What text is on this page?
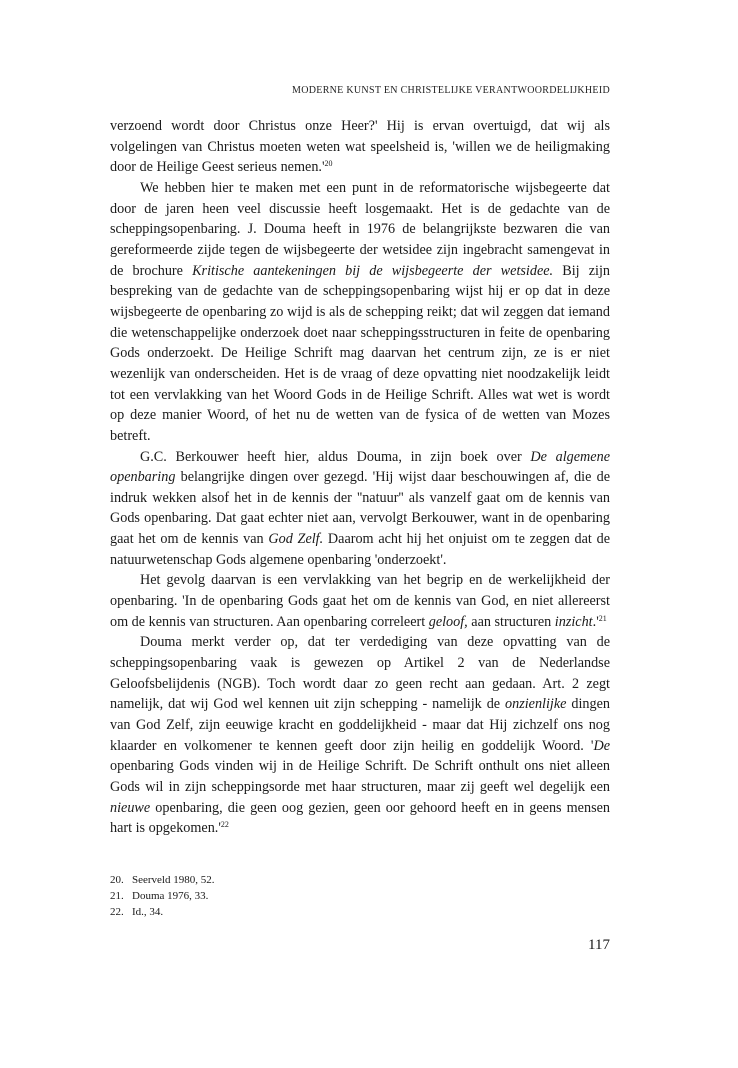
MODERNE KUNST EN CHRISTELIJKE VERANTWOORDELIJKHEID

verzoend wordt door Christus onze Heer?' Hij is ervan overtuigd, dat wij als volgelingen van Christus moeten weten wat speelsheid is, 'willen we de heiligmaking door de Heilige Geest serieus $nemen.'^{20}$

We hebben hier te maken met een punt in de reformatorische wijsbegeerte dat door de jaren heen veel discussie heeft losgemaakt. Het is de gedachte van de scheppingsopenbaring. J. Douma heeft in 1976 de belangrijkste bezwaren die van gereformeerde zijde tegen de wijsbegeerte der wetsidee zijn ingebracht samengevat in de brochure Kritische aantekeningen bij de wijsbegeerte der wetsidee. Bij zijn bespreking van de gedachte van de scheppingsopenbaring wijst hij er op dat in deze wijsbegeerte de openbaring zo wijd is als de schepping reikt; dat wil zeggen dat iemand die wetenschappelijke onderzoek doet naar scheppingsstructuren in feite de openbaring Gods onderzoekt. De Heilige Schrift mag daarvan het centrum zijn, ze is er niet wezenlijk van onderscheiden. Het is de vraag of deze opvatting niet noodzakelijk leidt tot een vervlakking van het Woord Gods in de Heilige Schrift. Alles wat wet is wordt op deze manier Woord, of het nu de wetten van de fysica of de wetten van Mozes betreft.

G.C. Berkouwer heeft hier, aldus Douma, in zijn boek over De algemene openbaring belangrijke dingen over gezegd. 'Hij wijst daar beschouwingen af, die de indruk wekken alsof het in de kennis der ''natuur'' als vanzelf gaat om de kennis van Gods openbaring. Dat gaat echter niet aan, vervolgt Berkouwer, want in de openbaring gaat het om de kennis van God Zelf. Daarom acht hij het onjuist om te zeggen dat de natuurwetenschap Gods algemene openbaring 'onderzoekt'.

Het gevolg daarvan is een vervlakking van het begrip en de werkelijkheid der openbaring. 'In de openbaring Gods gaat het om de kennis van God, en niet allereerst om de kennis van structuren. Aan openbaring correleert geloof, aan structuren $inzicht.'^{21}$

Douma merkt verder op, dat ter verdediging van deze opvatting van de scheppingsopenbaring vaak is gewezen op Artikel 2 van de Nederlandse Geloofsbelijdenis (NGB). Toch wordt daar zo geen recht aan gedaan. Art. 2 zegt namelijk, dat wij God wel kennen uit zijn schepping - namelijk de onzienlijke dingen van God Zelf, zijn eeuwige kracht en goddelijkheid - maar dat Hij zichzelf ons nog klaarder en volkomener te kennen geeft door zijn heilig en goddelijk Woord. 'De openbaring Gods vinden wij in de Heilige Schrift. De Schrift onthult ons niet alleen Gods wil in zijn scheppingsorde met haar structuren, maar zij geeft wel degelijk een nieuwe openbaring, die geen oog gezien, geen oor gehoord heeft en in geens mensen hart is $opgekomen.'^{22}$

20. Seerveld 1980, 52.
21. Douma 1976, 33.
22. Id., 34.
117
